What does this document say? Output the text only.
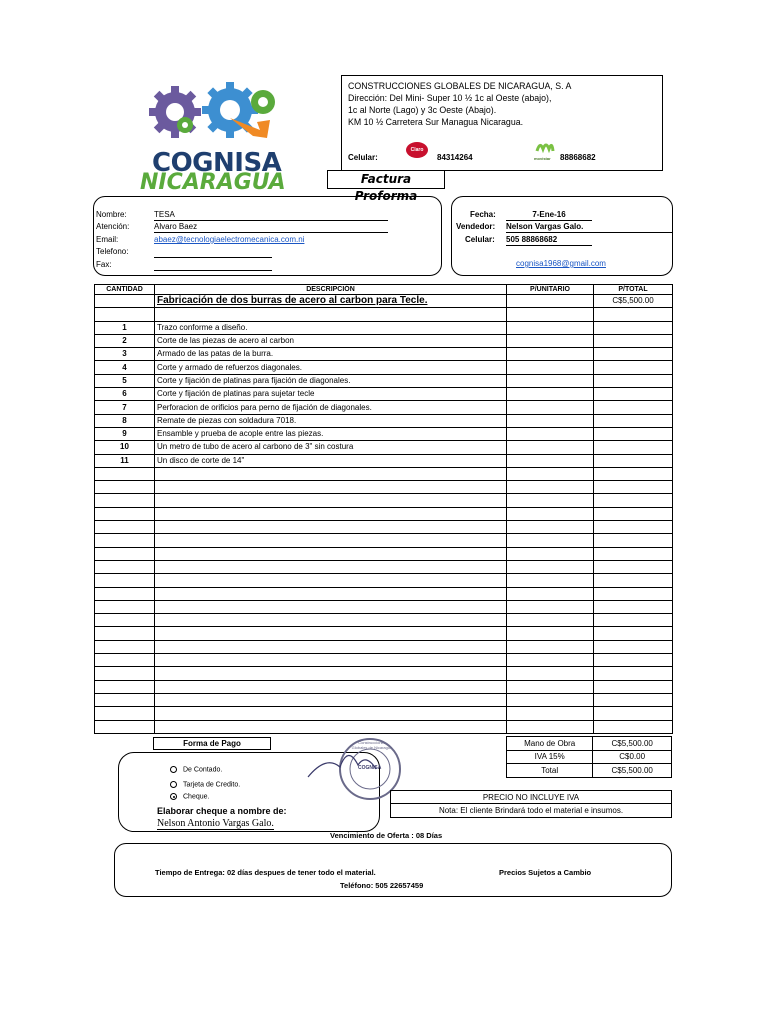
COGNISA
NICARAGUA
CONSTRUCCIONES GLOBALES DE NICARAGUA, S. A
Dirección: Del Mini- Super 10 ½ 1c al Oeste (abajo),
1c al Norte (Lago) y 3c Oeste (Abajo).
KM 10 ½ Carretera Sur Managua Nicaragua.
Celular:
Claro
84314264	movistar 88868682
Factura Proforma
Nombre:	TESA
Atención:	Alvaro Baez
Email:	abaez@tecnologiaelectromecanica.com.ni
Telefono:
Fax:
Fecha:	7-Ene-16
Vendedor: Nelson Vargas Galo.
Celular: 505 88868682
cognisa1968@gmail.com
CANTIDAD	DESCRIPCIÓN	P/UNITARIO	P/TOTAL
	Fabricación de dos burras de acero al carbon para Tecle.		C$5,500.00

1	Trazo conforme a diseño.		
2	Corte de las piezas de acero al carbon		
3	Armado de las patas de la burra.		
4	Corte y armado de refuerzos diagonales.		
5	Corte y fijación de platinas para fijación de diagonales.		
6	Corte y fijación de platinas para sujetar tecle		
7	Perforacion de orificios para perno de fijación de diagonales.		
8	Remate de piezas con soldadura 7018.		
9	Ensamble y prueba de acople entre las piezas.		
10	Un metro de tubo de acero al carbono de 3" sin costura		
11	Un disco de corte de 14"		

Mano de Obra	C$5,500.00
IVA 15%	C$0.00
Total	C$5,500.00
Forma de Pago
De Contado.
Tarjeta de Credito.
Cheque.
Elaborar cheque a nombre de:
Nelson Antonio Vargas Galo.
COGNISA
Construcciones Globales de Nicaragua
PRECIO NO INCLUYE IVA
Nota: El cliente Brindará todo el material e insumos.
Vencimiento de Oferta : 08 Días
Tiempo de Entrega: 02 días despues de tener todo el material.	Precios Sujetos a Cambio
Teléfono: 505 22657459
